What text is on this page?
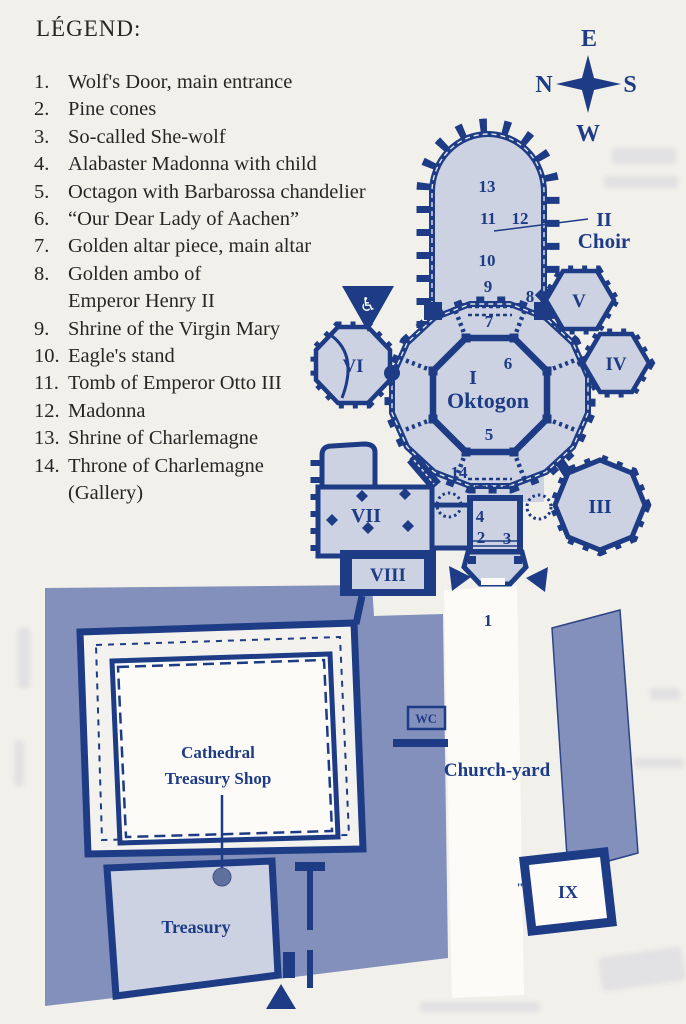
LÉGEND:
1. Wolf's Door, main entrance
2. Pine cones
3. So-called She-wolf
4. Alabaster Madonna with child
5. Octagon with Barbarossa chandelier
6. “Our Dear Lady of Aachen”
7. Golden altar piece, main altar
8. Golden ambo of
Emperor Henry II
9. Shrine of the Virgin Mary
10. Eagle's stand
11. Tomb of Emperor Otto III
12. Madonna
13. Shrine of Charlemagne
14. Throne of Charlemagne
(Gallery)
♿
E
N	S
W
13
11 12
10
9
8
7
6
5
14
4
2 3
1
I
Oktogon
II
Choir
III
IV
V
VI
VII
VIII
IX
"
Church-yard
WC
Cathedral
Treasury Shop
Treasury
